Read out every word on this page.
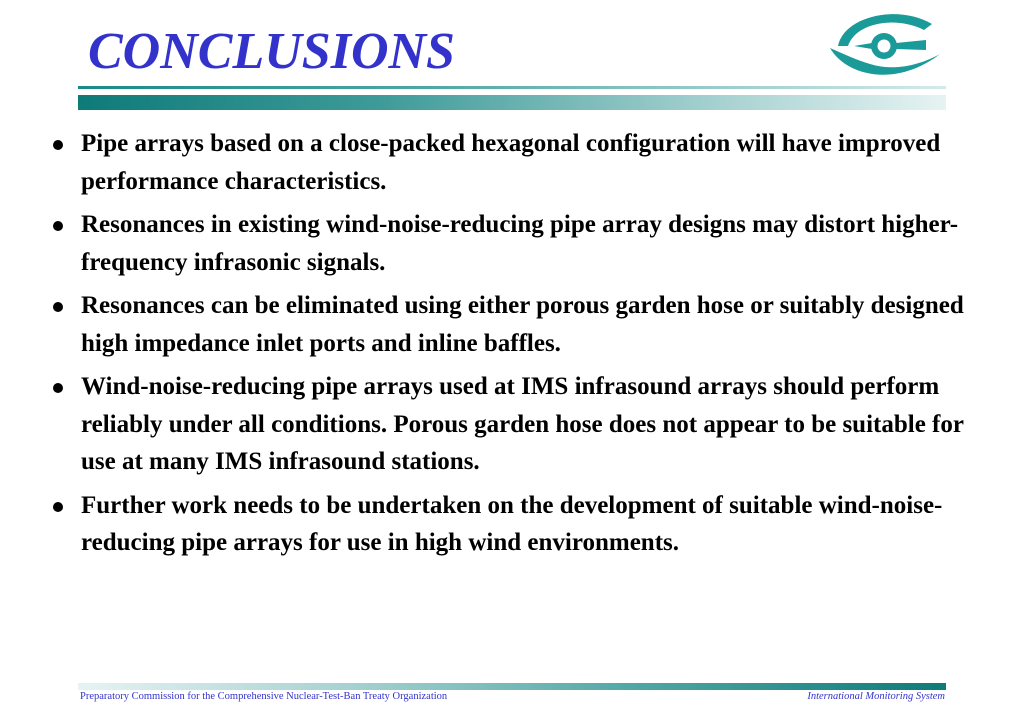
CONCLUSIONS
Pipe arrays based on a close-packed hexagonal configuration will have improved performance characteristics.
Resonances in existing wind-noise-reducing pipe array designs may distort higher-frequency infrasonic signals.
Resonances can be eliminated using either porous garden hose or suitably designed high impedance inlet ports and inline baffles.
Wind-noise-reducing pipe arrays used at IMS infrasound arrays should perform reliably under all conditions. Porous garden hose does not appear to be suitable for use at many IMS infrasound stations.
Further work needs to be undertaken on the development of suitable wind-noise-reducing pipe arrays for use in high wind environments.
Preparatory Commission for the Comprehensive Nuclear-Test-Ban Treaty Organization	International Monitoring System
